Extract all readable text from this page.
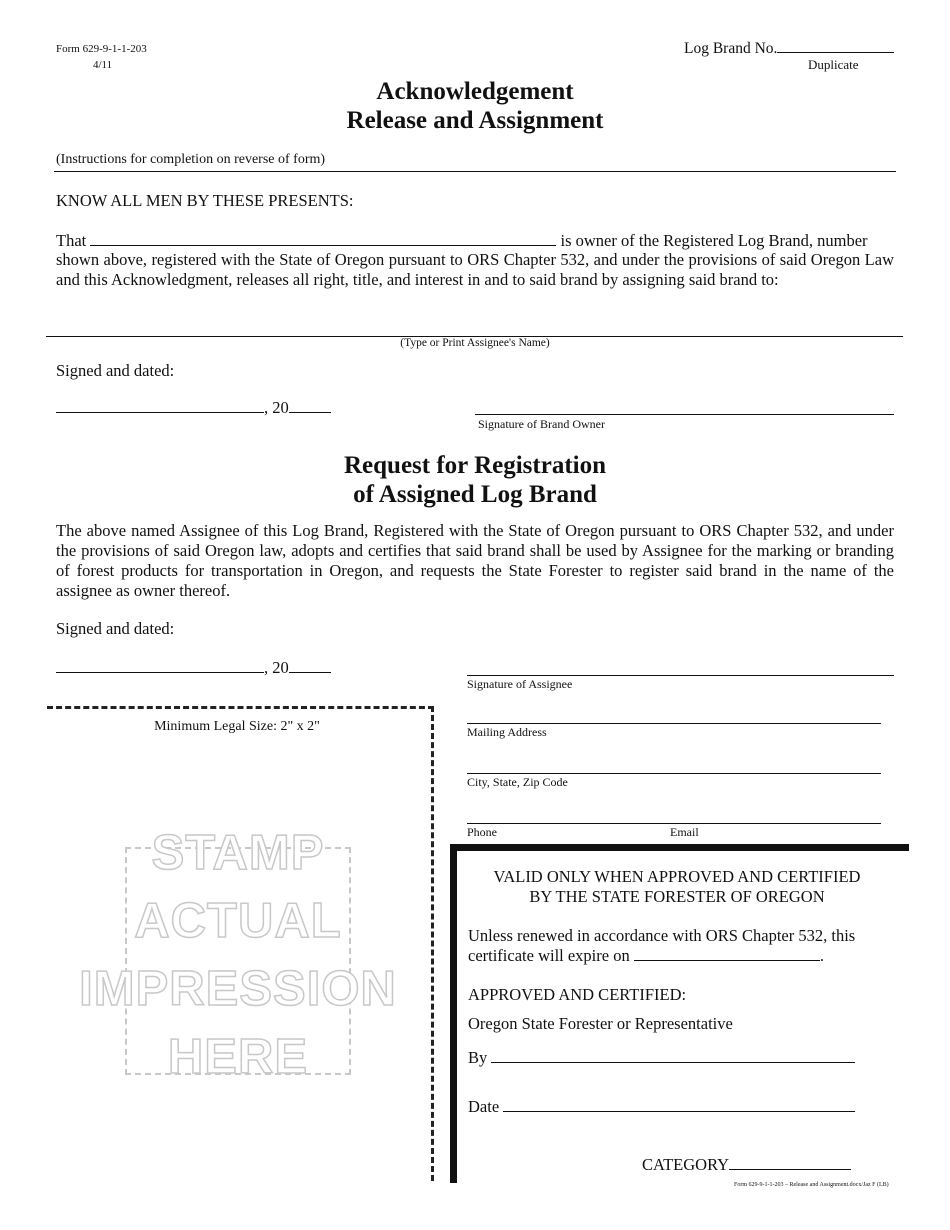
Form 629-9-1-1-203
4/11
Log Brand No.
Duplicate
Acknowledgement
Release and Assignment
(Instructions for completion on reverse of form)
KNOW ALL MEN BY THESE PRESENTS:
That	is owner of the Registered Log Brand, number
shown above, registered with the State of Oregon pursuant to ORS Chapter 532, and under the provisions of said Oregon Law and this Acknowledgment, releases all right, title, and interest in and to said brand by assigning said brand to:
(Type or Print Assignee's Name)
Signed and dated:
, 20
Signature of Brand Owner
Request for Registration
of Assigned Log Brand
The above named Assignee of this Log Brand, Registered with the State of Oregon pursuant to ORS Chapter 532, and under the provisions of said Oregon law, adopts and certifies that said brand shall be used by Assignee for the marking or branding of forest products for transportation in Oregon, and requests the State Forester to register said brand in the name of the assignee as owner thereof.
Signed and dated:
, 20
Signature of Assignee
Mailing Address
City, State, Zip Code
Phone	Email
Minimum Legal Size: 2" x 2"
STAMP
ACTUAL
IMPRESSION
HERE
VALID ONLY WHEN APPROVED AND CERTIFIED
BY THE STATE FORESTER OF OREGON
Unless renewed in accordance with ORS Chapter 532, this
certificate will expire on	.
APPROVED AND CERTIFIED:
Oregon State Forester or Representative
By
Date
CATEGORY
Form 629-9-1-1-203 – Release and Assignment.docx/Jaz F (LB)
